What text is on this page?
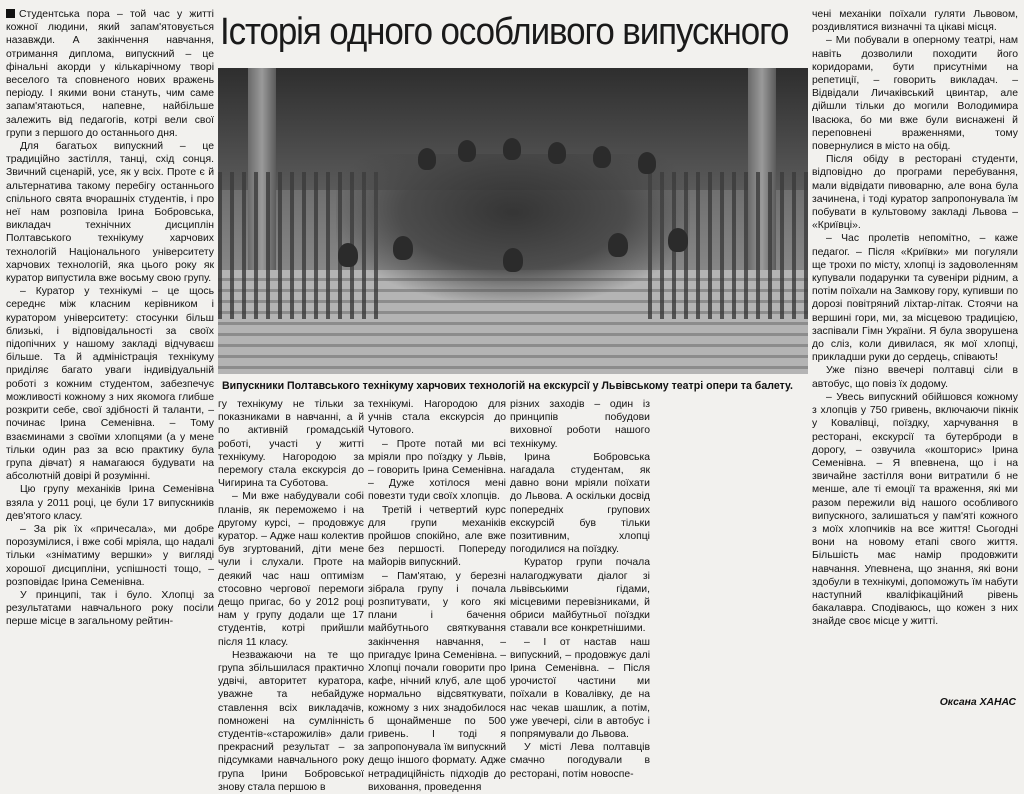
Студентська пора – той час у житті кожної людини, який запам'ятовується назавжди. А закінчення навчання, отримання диплома, випускний – це фінальні акорди у кількарічному творі веселого та сповненого нових вражень періоду. І якими вони стануть, чим саме запам'ятаються, напевне, найбільше залежить від педагогів, котрі вели свої групи з першого до останнього дня.

Для багатьох випускний – це традиційно застілля, танці, схід сонця. Звичний сценарій, усе, як у всіх. Проте є й альтернатива такому перебігу останнього спільного свята вчорашніх студентів, і про неї нам розповіла Ірина Бобровська, викладач технічних дисциплін Полтавського технікуму харчових технологій Національного університету харчових технологій, яка цього року як куратор випустила вже восьму свою групу.

– Куратор у технікумі – це щось середнє між класним керівником і куратором університету: стосунки більш близькі, і відповідальності за своїх підопічних у нашому закладі відчуваєш більше. Та й адміністрація технікуму приділяє багато уваги індивідуальній роботі з кожним студентом, забезпечує можливості кожному з них якомога глибше розкрити себе, свої здібності й таланти, – починає Ірина Семенівна. – Тому взаєминами з своїми хлопцями (а у мене тільки один раз за всю практику була група дівчат) я намагаюся будувати на абсолютній довірі й розумінні.

Цю групу механіків Ірина Семенівна взяла у 2011 році, це були 17 випускників дев'ятого класу.

– За рік їх «причесала», ми добре порозумілися, і вже собі мріяла, що надалі тільки «зніматиму вершки» у вигляді хорошої дисципліни, успішності тощо, – розповідає Ірина Семенівна.

У принципі, так і було. Хлопці за результатами навчального року посіли перше місце в загальному рейтин-

Історія одного особливого випускного
Випускники Полтавського технікуму харчових технологій на екскурсії у Львівському театрі опери та балету.

гу технікуму не тільки за показниками в навчанні, а й по активній громадській роботі, участі у житті технікуму. Нагородою за перемогу стала екскурсія до Чигирина та Суботова.

– Ми вже набудували собі планів, як переможемо і на другому курсі, – продовжує куратор. – Адже наш колектив був згуртований, діти мене чули і слухали. Проте на деякий час наш оптимізм стосовно чергової перемоги дещо пригас, бо у 2012 році нам у групу додали ще 17 студентів, котрі прийшли після 11 класу.

Незважаючи на те що група збільшилася практично удвічі, авторитет куратора, уважне та небайдуже ставлення всіх викладачів, помножені на сумлінність студентів-«старожилів» дали прекрасний результат – за підсумками навчального року група Ірини Бобровської знову стала першою в

технікумі. Нагородою для учнів стала екскурсія до Чутового.

– Проте потай ми всі мріяли про поїздку у Львів, – говорить Ірина Семенівна. – Дуже хотілося мені повезти туди своїх хлопців.

Третій і четвертий курс для групи механіків пройшов спокійно, але вже без першості. Попереду майорів випускний.

– Пам'ятаю, у березні зібрала групу і почала розпитувати, у кого які плани і бачення майбутнього святкування закінчення навчання, – пригадує Ірина Семенівна. – Хлопці почали говорити про кафе, нічний клуб, але щоб нормально відсвяткувати, кожному з них знадобилося б щонайменше по 500 гривень. І тоді я запропонувала їм випускний дещо іншого формату. Адже нетрадиційність підходів до виховання, проведення

різних заходів – один із принципів побудови виховної роботи нашого технікуму.

Ірина Бобровська нагадала студентам, як давно вони мріяли поїхати до Львова. А оскільки досвід попередніх групових екскурсій був тільки позитивним, хлопці погодилися на поїздку.

Куратор групи почала налагоджувати діалог зі львівськими гідами, місцевими перевізниками, й обриси майбутньої поїздки ставали все конкретнішими.

– І от настав наш випускний, – продовжує далі Ірина Семенівна. – Після урочистої частини ми поїхали в Ковалівку, де на нас чекав шашлик, а потім, уже увечері, сіли в автобус і попрямували до Львова.

У місті Лева полтавців смачно погодували в ресторані, потім новоспе-

чені механіки поїхали гуляти Львовом, роздивлятися визначні та цікаві місця.

– Ми побували в оперному театрі, нам навіть дозволили походити його коридорами, бути присутніми на репетиції, – говорить викладач. – Відвідали Личаківський цвинтар, але дійшли тільки до могили Володимира Івасюка, бо ми вже були виснажені й переповнені враженнями, тому повернулися в місто на обід.

Після обіду в ресторані студенти, відповідно до програми перебування, мали відвідати пивоварню, але вона була зачинена, і тоді куратор запропонувала їм побувати в культовому закладі Львова – «Криївці».

– Час пролетів непомітно, – каже педагог. – Після «Криївки» ми погуляли ще трохи по місту, хлопці із задоволенням купували подарунки та сувеніри рідним, а потім поїхали на Замкову гору, купивши по дорозі повітряний ліхтар-літак. Стоячи на вершині гори, ми, за місцевою традицією, заспівали Гімн України. Я була зворушена до сліз, коли дивилася, як мої хлопці, прикладши руки до сердець, співають!

Уже пізно ввечері полтавці сіли в автобус, що повіз їх додому.

– Увесь випускний обійшовся кожному з хлопців у 750 гривень, включаючи пікнік у Ковалівці, поїздку, харчування в ресторані, екскурсії та бутерброди в дорогу, – озвучила «кошторис» Ірина Семенівна. – Я впевнена, що і на звичайне застілля вони витратили б не менше, але ті емоції та враження, які ми разом пережили від нашого особливого випускного, залишаться у пам'яті кожного з моїх хлопчиків на все життя! Сьогодні вони на новому етапі свого життя. Більшість має намір продовжити навчання. Упевнена, що знання, які вони здобули в технікумі, допоможуть їм набути наступний кваліфікаційний рівень бакалавра. Сподіваюсь, що кожен з них знайде своє місце у житті.

Оксана ХАНАС
